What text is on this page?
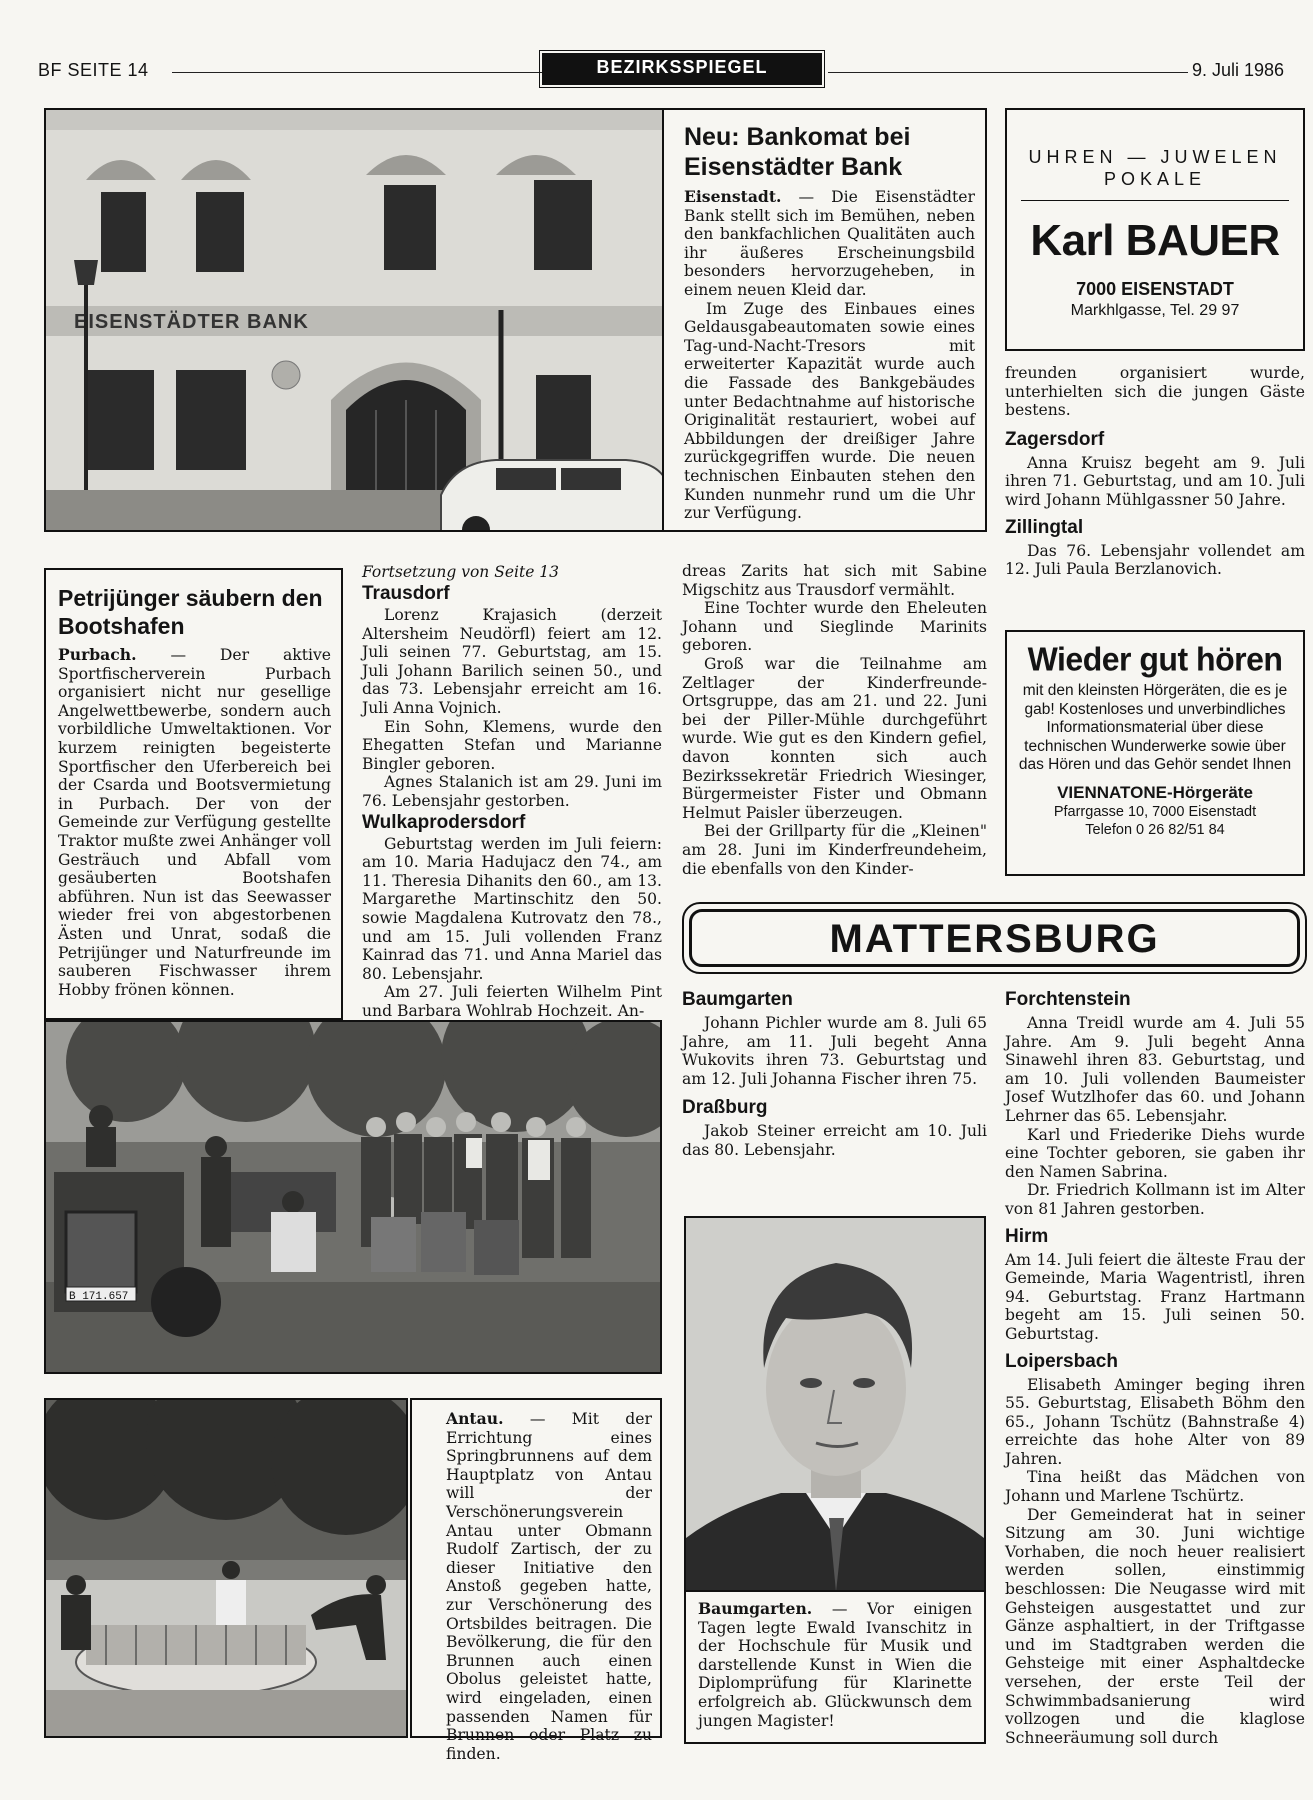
BF SEITE 14	BEZIRKSSPIEGEL	9. Juli 1986
EISENSTÄDTER BANK
Neu: Bankomat bei Eisenstädter Bank

Eisenstadt. — Die Eisenstädter Bank stellt sich im Bemühen, neben den bankfachlichen Qualitäten auch ihr äußeres Erscheinungsbild besonders hervorzugeheben, in einem neuen Kleid dar.

Im Zuge des Einbaues eines Geldausgabeautomaten sowie eines Tag-und-Nacht-Tresors mit erweiterter Kapazität wurde auch die Fassade des Bankgebäudes unter Bedachtnahme auf historische Originalität restauriert, wobei auf Abbildungen der dreißiger Jahre zurückgegriffen wurde. Die neuen technischen Einbauten stehen den Kunden nunmehr rund um die Uhr zur Verfügung.

UHREN — JUWELEN
POKALE
Karl BAUER
7000 EISENSTADT
Markhlgasse, Tel. 29 97

freunden organisiert wurde, unterhielten sich die jungen Gäste bestens.

Zagersdorf

Anna Kruisz begeht am 9. Juli ihren 71. Geburtstag, und am 10. Juli wird Johann Mühlgassner 50 Jahre.

Zillingtal

Das 76. Lebensjahr vollendet am 12. Juli Paula Berzlanovich.

Wieder gut hören
mit den kleinsten Hörgeräten, die es je gab! Kostenloses und unverbindliches Informationsmaterial über diese technischen Wunderwerke sowie über das Hören und das Gehör sendet Ihnen
VIENNATONE-Hörgeräte
Pfarrgasse 10, 7000 Eisenstadt
Telefon 0 26 82/51 84
Petrijünger säubern den Bootshafen

Purbach. — Der aktive Sportfischerverein Purbach organisiert nicht nur gesellige Angelwettbewerbe, sondern auch vorbildliche Umweltaktionen. Vor kurzem reinigten begeisterte Sportfischer den Uferbereich bei der Csarda und Bootsvermietung in Purbach. Der von der Gemeinde zur Verfügung gestellte Traktor mußte zwei Anhänger voll Gesträuch und Abfall vom gesäuberten Bootshafen abführen. Nun ist das Seewasser wieder frei von abgestorbenen Ästen und Unrat, sodaß die Petrijünger und Naturfreunde im sauberen Fischwasser ihrem Hobby frönen können.

Fortsetzung von Seite 13
Trausdorf

Lorenz Krajasich (derzeit Altersheim Neudörfl) feiert am 12. Juli seinen 77. Geburtstag, am 15. Juli Johann Barilich seinen 50., und das 73. Lebensjahr erreicht am 16. Juli Anna Vojnich.

Ein Sohn, Klemens, wurde den Ehegatten Stefan und Marianne Bingler geboren.

Agnes Stalanich ist am 29. Juni im 76. Lebensjahr gestorben.

Wulkaprodersdorf

Geburtstag werden im Juli feiern: am 10. Maria Hadujacz den 74., am 11. Theresia Dihanits den 60., am 13. Margarethe Martinschitz den 50. sowie Magdalena Kutrovatz den 78., und am 15. Juli vollenden Franz Kainrad das 71. und Anna Mariel das 80. Lebensjahr.

Am 27. Juli feierten Wilhelm Pint und Barbara Wohlrab Hochzeit. An-

dreas Zarits hat sich mit Sabine Migschitz aus Trausdorf vermählt.

Eine Tochter wurde den Eheleuten Johann und Sieglinde Marinits geboren.

Groß war die Teilnahme am Zeltlager der Kinderfreunde-Ortsgruppe, das am 21. und 22. Juni bei der Piller-Mühle durchgeführt wurde. Wie gut es den Kindern gefiel, davon konnten sich auch Bezirkssekretär Friedrich Wiesinger, Bürgermeister Fister und Obmann Helmut Paisler überzeugen.

Bei der Grillparty für die „Kleinen" am 28. Juni im Kinderfreundeheim, die ebenfalls von den Kinder-

MATTERSBURG
Baumgarten

Johann Pichler wurde am 8. Juli 65 Jahre, am 11. Juli begeht Anna Wukovits ihren 73. Geburtstag und am 12. Juli Johanna Fischer ihren 75.

Draßburg

Jakob Steiner erreicht am 10. Juli das 80. Lebensjahr.

Baumgarten. — Vor einigen Tagen legte Ewald Ivanschitz in der Hochschule für Musik und darstellende Kunst in Wien die Diplomprüfung für Klarinette erfolgreich ab. Glückwunsch dem jungen Magister!

B 171.657

Antau. — Mit der Errichtung eines Springbrunnens auf dem Hauptplatz von Antau will der Verschönerungsverein Antau unter Obmann Rudolf Zartisch, der zu dieser Initiative den Anstoß gegeben hatte, zur Verschönerung des Ortsbildes beitragen. Die Bevölkerung, die für den Brunnen auch einen Obolus geleistet hatte, wird eingeladen, einen passenden Namen für Brunnen oder Platz zu finden.

Forchtenstein

Anna Treidl wurde am 4. Juli 55 Jahre. Am 9. Juli begeht Anna Sinawehl ihren 83. Geburtstag, und am 10. Juli vollenden Baumeister Josef Wutzlhofer das 60. und Johann Lehrner das 65. Lebensjahr.

Karl und Friederike Diehs wurde eine Tochter geboren, sie gaben ihr den Namen Sabrina.

Dr. Friedrich Kollmann ist im Alter von 81 Jahren gestorben.

Hirm

Am 14. Juli feiert die älteste Frau der Gemeinde, Maria Wagentristl, ihren 94. Geburtstag. Franz Hartmann begeht am 15. Juli seinen 50. Geburtstag.

Loipersbach

Elisabeth Aminger beging ihren 55. Geburtstag, Elisabeth Böhm den 65., Johann Tschütz (Bahnstraße 4) erreichte das hohe Alter von 89 Jahren.

Tina heißt das Mädchen von Johann und Marlene Tschürtz.

Der Gemeinderat hat in seiner Sitzung am 30. Juni wichtige Vorhaben, die noch heuer realisiert werden sollen, einstimmig beschlossen: Die Neugasse wird mit Gehsteigen ausgestattet und zur Gänze asphaltiert, in der Triftgasse und im Stadtgraben werden die Gehsteige mit einer Asphaltdecke versehen, der erste Teil der Schwimmbadsanierung wird vollzogen und die klaglose Schneeräumung soll durch
